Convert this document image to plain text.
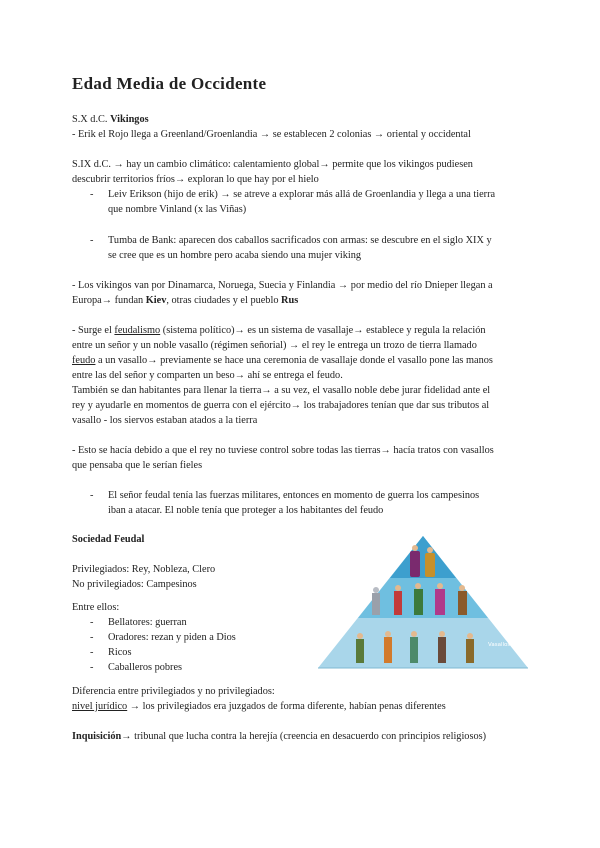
Edad Media de Occidente

S.X d.C. Vikingos

- Erik el Rojo llega a Greenland/Groenlandia → se establecen 2 colonias → oriental y occidental

S.IX d.C. → hay un cambio climático: calentamiento global→ permite que los vikingos pudiesen

descubrir territorios fríos→ exploran lo que hay por el hielo

- Leiv Erikson (hijo de erik) → se atreve a explorar más allá de Groenlandia y llega a una tierra

que nombre Vinland (x las Viñas)

- Tumba de Bank: aparecen dos caballos sacrificados con armas: se descubre en el siglo XIX y

se cree que es un hombre pero acaba siendo una mujer viking

- Los vikingos van por Dinamarca, Noruega, Suecia y Finlandia → por medio del río Dnieper llegan a

Europa→ fundan Kiev, otras ciudades y el pueblo Rus

- Surge el feudalismo (sistema político)→ es un sistema de vasallaje→ establece y regula la relación

entre un señor y un noble vasallo (régimen señorial) → el rey le entrega un trozo de tierra llamado

feudo a un vasallo→ previamente se hace una ceremonia de vasallaje donde el vasallo pone las manos

entre las del señor y comparten un beso→ ahí se entrega el feudo.

También se dan habitantes para llenar la tierra→ a su vez, el vasallo noble debe jurar fidelidad ante el

rey y ayudarle en momentos de guerra con el ejército→ los trabajadores tenían que dar sus tributos al

vasallo - los siervos estaban atados a la tierra

- Esto se hacía debido a que el rey no tuviese control sobre todas las tierras→ hacía tratos con vasallos

que pensaba que le serían fieles

- El señor feudal tenía las fuerzas militares, entonces en momento de guerra los campesinos

iban a atacar. El noble tenía que proteger a los habitantes del feudo

Sociedad Feudal

Privilegiados: Rey, Nobleza, Clero

No privilegiados: Campesinos

Entre ellos:

- Bellatores: guerran

- Oradores: rezan y piden a Dios

- Ricos

- Caballeros pobres

Mi Máxima Jerarquía
Rey
Caballeros Nobleza Iglesia
Vasallos

Diferencia entre privilegiados y no privilegiados:

nivel jurídico → los privilegiados era juzgados de forma diferente, habían penas diferentes

Inquisición→ tribunal que lucha contra la herejía (creencia en desacuerdo con principios religiosos)
